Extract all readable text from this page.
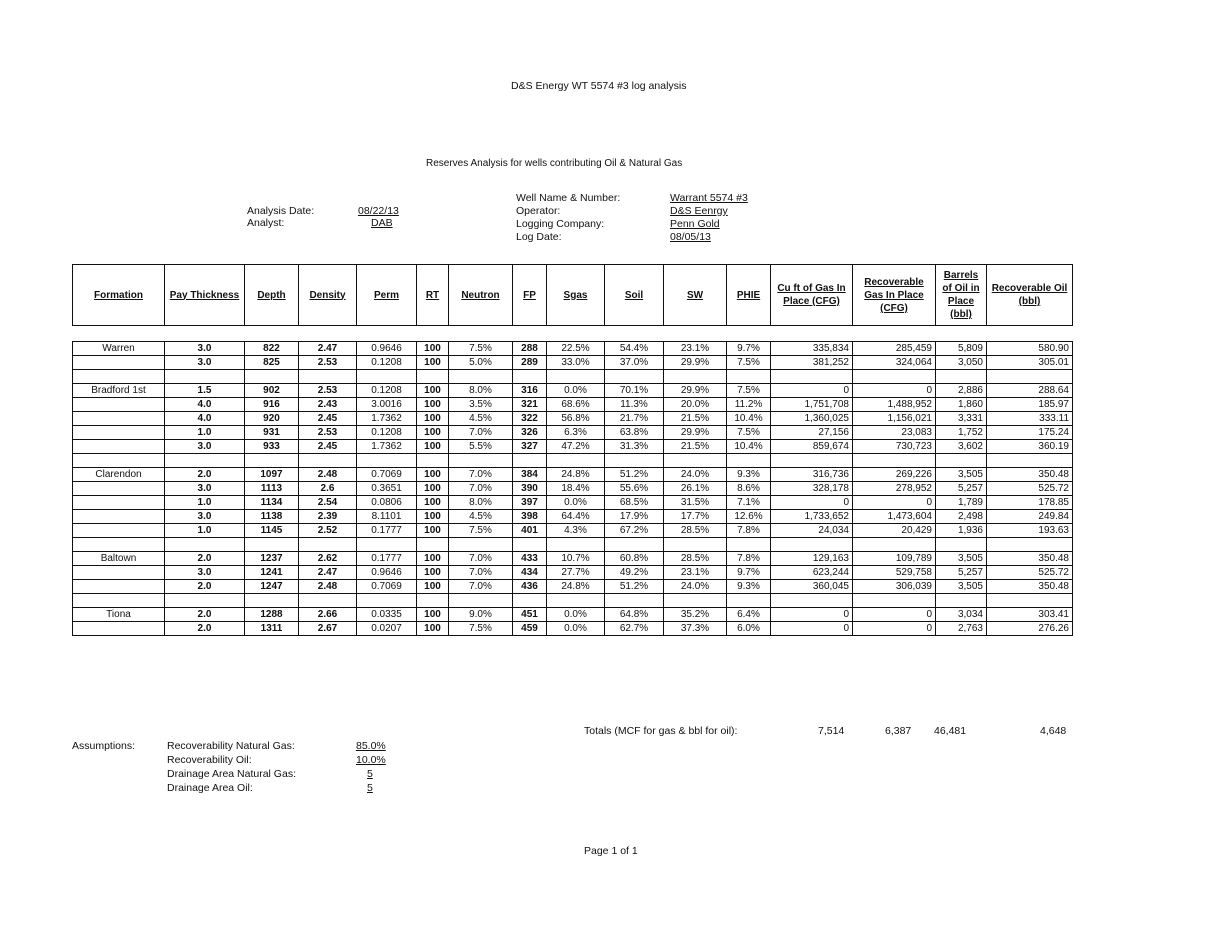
D&S Energy WT 5574 #3 log analysis
Reserves Analysis for wells contributing Oil & Natural Gas
Analysis Date:	08/22/13
Analyst:	DAB
Well Name & Number:	Warrant 5574 #3
Operator:	D&S Eenrgy
Logging Company:	Penn Gold
Log Date:	08/05/13
Formation	Pay Thickness	Depth	Density	Perm	RT	Neutron	FP	Sgas	Soil	SW	PHIE	Cu ft of Gas In Place (CFG)	Recoverable Gas In Place (CFG)	Barrels of Oil in Place (bbl)	Recoverable Oil (bbl)
Warren	3.0	822	2.47	0.9646	100	7.5%	288	22.5%	54.4%	23.1%	9.7%	335,834	285,459	5,809	580.90
	3.0	825	2.53	0.1208	100	5.0%	289	33.0%	37.0%	29.9%	7.5%	381,252	324,064	3,050	305.01

Bradford 1st	1.5	902	2.53	0.1208	100	8.0%	316	0.0%	70.1%	29.9%	7.5%	0	0	2,886	288.64
	4.0	916	2.43	3.0016	100	3.5%	321	68.6%	11.3%	20.0%	11.2%	1,751,708	1,488,952	1,860	185.97
	4.0	920	2.45	1.7362	100	4.5%	322	56.8%	21.7%	21.5%	10.4%	1,360,025	1,156,021	3,331	333.11
	1.0	931	2.53	0.1208	100	7.0%	326	6.3%	63.8%	29.9%	7.5%	27,156	23,083	1,752	175.24
	3.0	933	2.45	1.7362	100	5.5%	327	47.2%	31.3%	21.5%	10.4%	859,674	730,723	3,602	360.19

Clarendon	2.0	1097	2.48	0.7069	100	7.0%	384	24.8%	51.2%	24.0%	9.3%	316,736	269,226	3,505	350.48
	3.0	1113	2.6	0.3651	100	7.0%	390	18.4%	55.6%	26.1%	8.6%	328,178	278,952	5,257	525.72
	1.0	1134	2.54	0.0806	100	8.0%	397	0.0%	68.5%	31.5%	7.1%	0	0	1,789	178.85
	3.0	1138	2.39	8.1101	100	4.5%	398	64.4%	17.9%	17.7%	12.6%	1,733,652	1,473,604	2,498	249.84
	1.0	1145	2.52	0.1777	100	7.5%	401	4.3%	67.2%	28.5%	7.8%	24,034	20,429	1,936	193.63

Baltown	2.0	1237	2.62	0.1777	100	7.0%	433	10.7%	60.8%	28.5%	7.8%	129,163	109,789	3,505	350.48
	3.0	1241	2.47	0.9646	100	7.0%	434	27.7%	49.2%	23.1%	9.7%	623,244	529,758	5,257	525.72
	2.0	1247	2.48	0.7069	100	7.0%	436	24.8%	51.2%	24.0%	9.3%	360,045	306,039	3,505	350.48

Tiona	2.0	1288	2.66	0.0335	100	9.0%	451	0.0%	64.8%	35.2%	6.4%	0	0	3,034	303.41
	2.0	1311	2.67	0.0207	100	7.5%	459	0.0%	62.7%	37.3%	6.0%	0	0	2,763	276.26
Totals (MCF for gas & bbl for oil):	7,514	6,387 46,481	4,648
Assumptions:	Recoverability Natural Gas:	85.0%
Recoverability Oil:	10.0%
Drainage Area Natural Gas:	5
Drainage Area Oil:	5
Page 1 of 1
